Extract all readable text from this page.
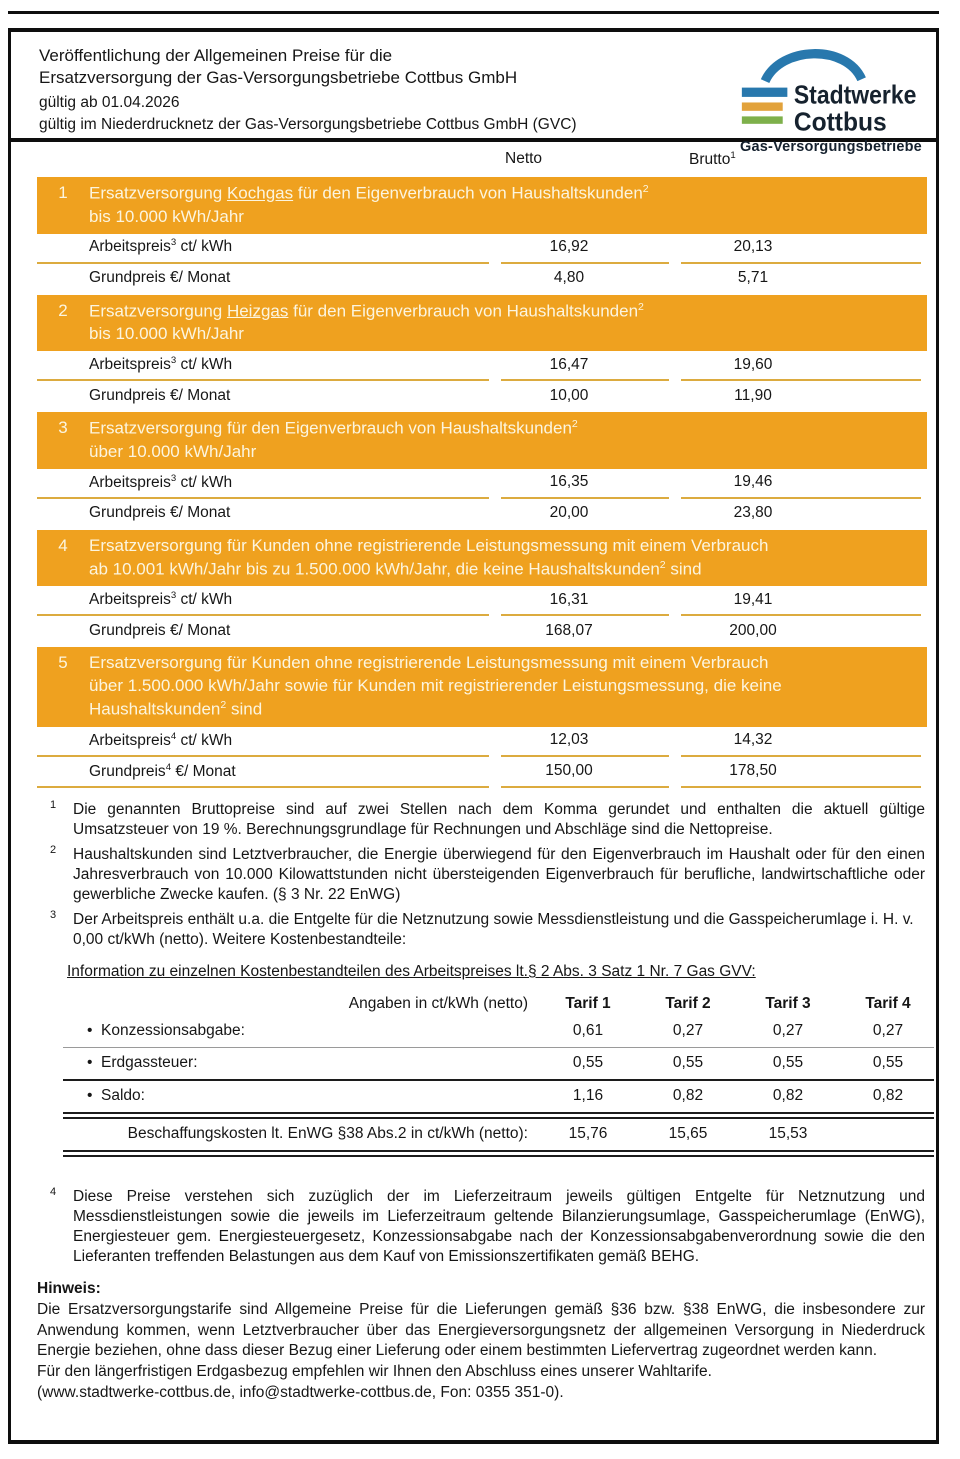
Veröffentlichung der Allgemeinen Preise für die
Ersatzversorgung der Gas-Versorgungsbetriebe Cottbus GmbH
gültig ab 01.04.2026
gültig im Niederdrucknetz der Gas-Versorgungsbetriebe Cottbus GmbH (GVC)
Stadtwerke
Cottbus
Gas-Versorgungsbetriebe
Netto	Brutto$^1$
1	Ersatzversorgung Kochgas für den Eigenverbrauch von Haushaltskunden$^2$
bis 10.000 kWh/Jahr
Arbeitspreis$^3$ ct/ kWh	16,92	20,13
Grundpreis €/ Monat	4,80	5,71
2	Ersatzversorgung Heizgas für den Eigenverbrauch von Haushaltskunden$^2$
bis 10.000 kWh/Jahr
Arbeitspreis$^3$ ct/ kWh	16,47	19,60
Grundpreis €/ Monat	10,00	11,90
3	Ersatzversorgung für den Eigenverbrauch von Haushaltskunden$^2$
über 10.000 kWh/Jahr
Arbeitspreis$^3$ ct/ kWh	16,35	19,46
Grundpreis €/ Monat	20,00	23,80
4	Ersatzversorgung für Kunden ohne registrierende Leistungsmessung mit einem Verbrauch
ab 10.001 kWh/Jahr bis zu 1.500.000 kWh/Jahr, die keine Haushaltskunden$^2$ sind
Arbeitspreis$^3$ ct/ kWh	16,31	19,41
Grundpreis €/ Monat	168,07	200,00
5	Ersatzversorgung für Kunden ohne registrierende Leistungsmessung mit einem Verbrauch
über 1.500.000 kWh/Jahr sowie für Kunden mit registrierender Leistungsmessung, die keine
Haushaltskunden$^2$ sind
Arbeitspreis$^4$ ct/ kWh	12,03	14,32
Grundpreis$^4$ €/ Monat	150,00	178,50
1 Die genannten Bruttopreise sind auf zwei Stellen nach dem Komma gerundet und enthalten die aktuell gültige Umsatzsteuer von 19 %. Berechnungsgrundlage für Rechnungen und Abschläge sind die Nettopreise.
2 Haushaltskunden sind Letztverbraucher, die Energie überwiegend für den Eigenverbrauch im Haushalt oder für den einen Jahresverbrauch von 10.000 Kilowattstunden nicht übersteigenden Eigenverbrauch für berufliche, landwirtschaftliche oder gewerbliche Zwecke kaufen. (§ 3 Nr. 22 EnWG)
3 Der Arbeitspreis enthält u.a. die Entgelte für die Netznutzung sowie Messdienstleistung und die Gasspeicherumlage i. H. v. 0,00 ct/kWh (netto). Weitere Kostenbestandteile:
Information zu einzelnen Kostenbestandteilen des Arbeitspreises lt.§ 2 Abs. 3 Satz 1 Nr. 7 Gas GVV:
Angaben in ct/kWh (netto)	Tarif 1	Tarif 2	Tarif 3	Tarif 4
• Konzessionsabgabe:	0,61	0,27	0,27	0,27
• Erdgassteuer:	0,55	0,55	0,55	0,55
• Saldo:	1,16	0,82	0,82	0,82
Beschaffungskosten lt. EnWG §38 Abs.2 in ct/kWh (netto):	15,76	15,65	15,53
4 Diese Preise verstehen sich zuzüglich der im Lieferzeitraum jeweils gültigen Entgelte für Netznutzung und Messdienstleistungen sowie die jeweils im Lieferzeitraum geltende Bilanzierungsumlage, Gasspeicherumlage (EnWG), Energiesteuer gem. Energiesteuergesetz, Konzessionsabgabe nach der Konzessionsabgabenverordnung sowie die den Lieferanten treffenden Belastungen aus dem Kauf von Emissionszertifikaten gemäß BEHG.
Hinweis:

Die Ersatzversorgungstarife sind Allgemeine Preise für die Lieferungen gemäß §36 bzw. §38 EnWG, die insbesondere zur Anwendung kommen, wenn Letztverbraucher über das Energieversorgungsnetz der allgemeinen Versorgung in Niederdruck Energie beziehen, ohne dass dieser Bezug einer Lieferung oder einem bestimmten Liefervertrag zugeordnet werden kann.

Für den längerfristigen Erdgasbezug empfehlen wir Ihnen den Abschluss eines unserer Wahltarife.

(www.stadtwerke-cottbus.de, info@stadtwerke-cottbus.de, Fon: 0355 351-0).
